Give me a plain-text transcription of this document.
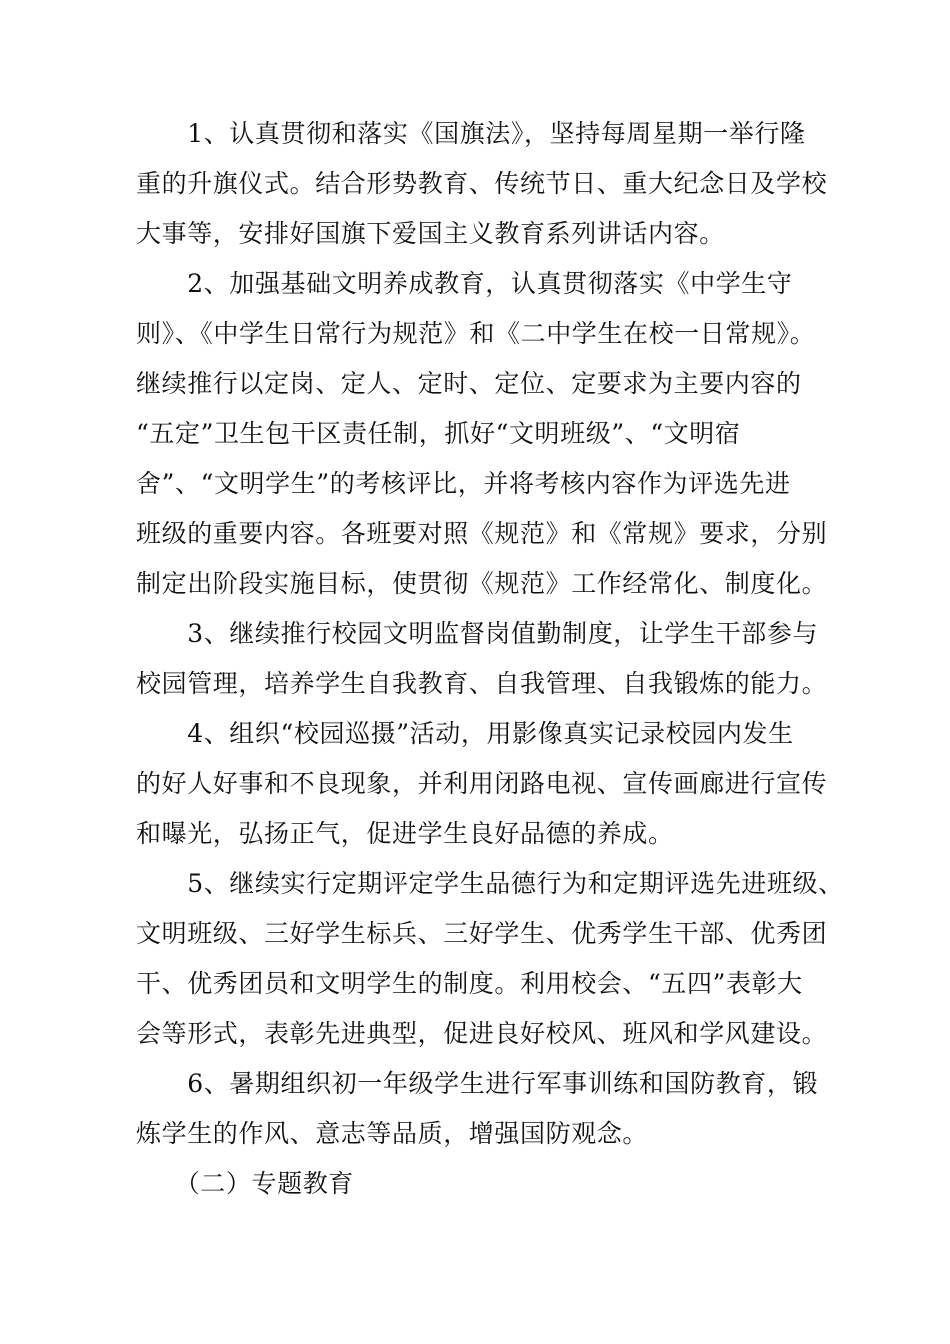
　　1、认真贯彻和落实《国旗法》，坚持每周星期一举行隆
重的升旗仪式。结合形势教育、传统节日、重大纪念日及学校
大事等，安排好国旗下爱国主义教育系列讲话内容。
　　2、加强基础文明养成教育，认真贯彻落实《中学生守
则》、《中学生日常行为规范》和《二中学生在校一日常规》。
继续推行以定岗、定人、定时、定位、定要求为主要内容的
“五定”卫生包干区责任制，抓好“文明班级”、“文明宿
舍”、“文明学生”的考核评比，并将考核内容作为评选先进
班级的重要内容。各班要对照《规范》和《常规》要求，分别
制定出阶段实施目标，使贯彻《规范》工作经常化、制度化。
　　3、继续推行校园文明监督岗值勤制度，让学生干部参与
校园管理，培养学生自我教育、自我管理、自我锻炼的能力。
　　4、组织“校园巡摄”活动，用影像真实记录校园内发生
的好人好事和不良现象，并利用闭路电视、宣传画廊进行宣传
和曝光，弘扬正气，促进学生良好品德的养成。
　　5、继续实行定期评定学生品德行为和定期评选先进班级、
文明班级、三好学生标兵、三好学生、优秀学生干部、优秀团
干、优秀团员和文明学生的制度。利用校会、“五四”表彰大
会等形式，表彰先进典型，促进良好校风、班风和学风建设。
　　6、暑期组织初一年级学生进行军事训练和国防教育，锻
炼学生的作风、意志等品质，增强国防观念。
　　（二）专题教育
